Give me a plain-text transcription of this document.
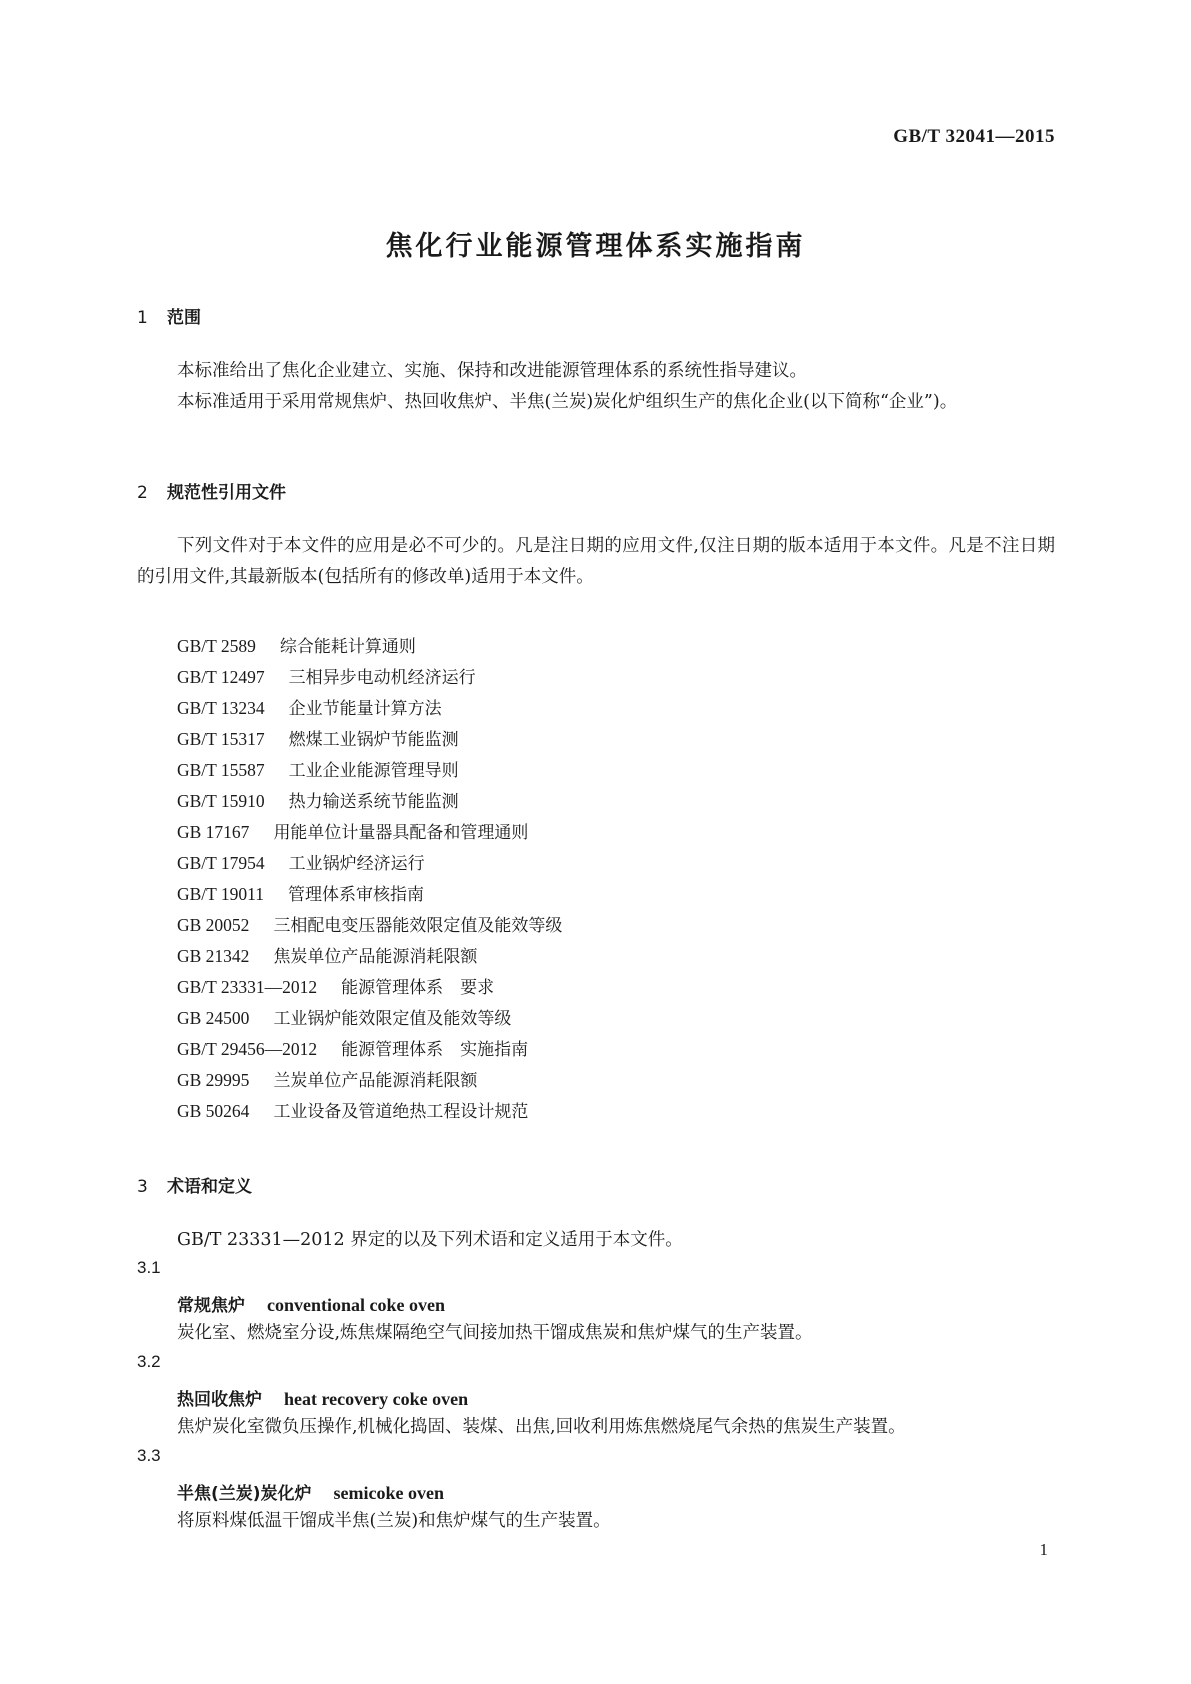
GB/T 32041—2015
焦化行业能源管理体系实施指南
1 范围
本标准给出了焦化企业建立、实施、保持和改进能源管理体系的系统性指导建议。
本标准适用于采用常规焦炉、热回收焦炉、半焦(兰炭)炭化炉组织生产的焦化企业(以下简称“企业”)。
2 规范性引用文件
下列文件对于本文件的应用是必不可少的。凡是注日期的应用文件,仅注日期的版本适用于本文件。凡是不注日期的引用文件,其最新版本(包括所有的修改单)适用于本文件。
GB/T 2589 综合能耗计算通则
GB/T 12497 三相异步电动机经济运行
GB/T 13234 企业节能量计算方法
GB/T 15317 燃煤工业锅炉节能监测
GB/T 15587 工业企业能源管理导则
GB/T 15910 热力输送系统节能监测
GB 17167 用能单位计量器具配备和管理通则
GB/T 17954 工业锅炉经济运行
GB/T 19011 管理体系审核指南
GB 20052 三相配电变压器能效限定值及能效等级
GB 21342 焦炭单位产品能源消耗限额
GB/T 23331—2012 能源管理体系　要求
GB 24500 工业锅炉能效限定值及能效等级
GB/T 29456—2012 能源管理体系　实施指南
GB 29995 兰炭单位产品能源消耗限额
GB 50264 工业设备及管道绝热工程设计规范
3 术语和定义
GB/T 23331—2012 界定的以及下列术语和定义适用于本文件。
3.1
常规焦炉 conventional coke oven
炭化室、燃烧室分设,炼焦煤隔绝空气间接加热干馏成焦炭和焦炉煤气的生产装置。
3.2
热回收焦炉 heat recovery coke oven
焦炉炭化室微负压操作,机械化捣固、装煤、出焦,回收利用炼焦燃烧尾气余热的焦炭生产装置。
3.3
半焦(兰炭)炭化炉 semicoke oven
将原料煤低温干馏成半焦(兰炭)和焦炉煤气的生产装置。
1
